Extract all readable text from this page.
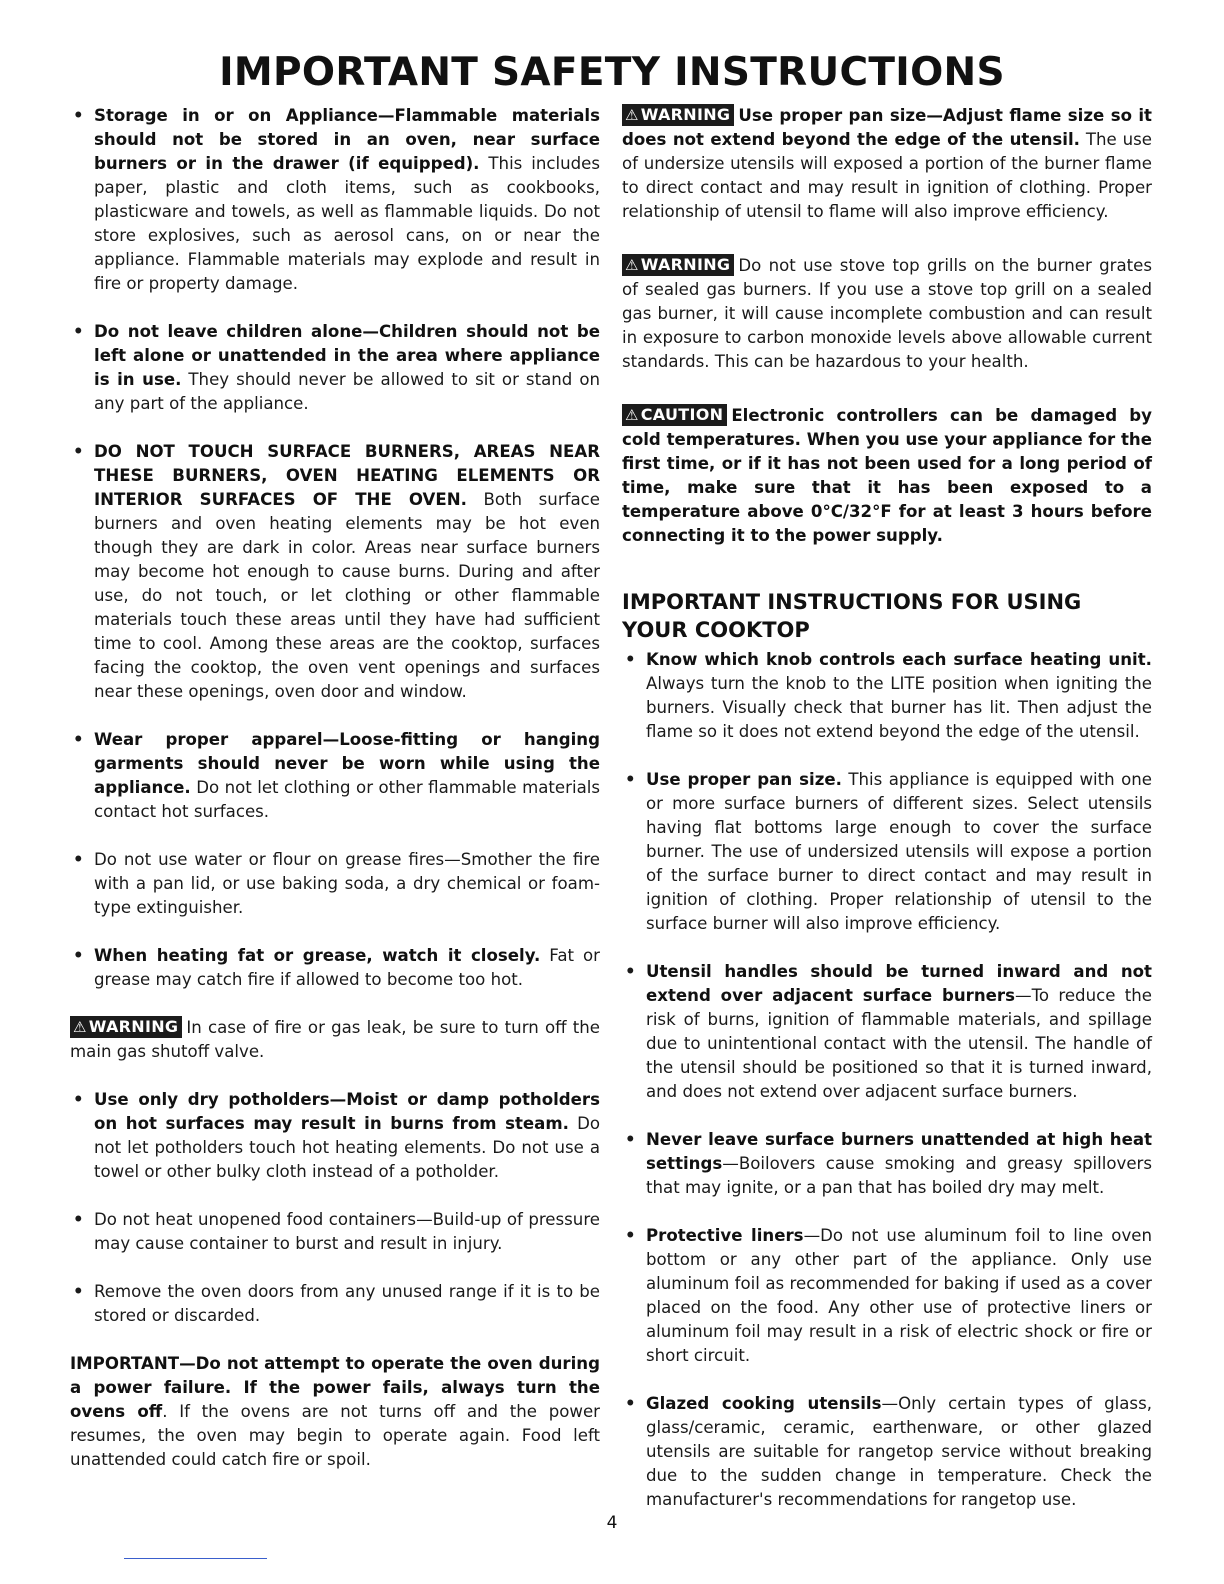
IMPORTANT SAFETY INSTRUCTIONS
• Storage in or on Appliance—Flammable materials should not be stored in an oven, near surface burners or in the drawer (if equipped). This includes paper, plastic and cloth items, such as cookbooks, plasticware and towels, as well as flammable liquids. Do not store explosives, such as aerosol cans, on or near the appliance. Flammable materials may explode and result in fire or property damage.
• Do not leave children alone—Children should not be left alone or unattended in the area where appliance is in use. They should never be allowed to sit or stand on any part of the appliance.
• DO NOT TOUCH SURFACE BURNERS, AREAS NEAR THESE BURNERS, OVEN HEATING ELEMENTS OR INTERIOR SURFACES OF THE OVEN. Both surface burners and oven heating elements may be hot even though they are dark in color. Areas near surface burners may become hot enough to cause burns. During and after use, do not touch, or let clothing or other flammable materials touch these areas until they have had sufficient time to cool. Among these areas are the cooktop, surfaces facing the cooktop, the oven vent openings and surfaces near these openings, oven door and window.
• Wear proper apparel—Loose-fitting or hanging garments should never be worn while using the appliance. Do not let clothing or other flammable materials contact hot surfaces.
• Do not use water or flour on grease fires—Smother the fire with a pan lid, or use baking soda, a dry chemical or foam-type extinguisher.
• When heating fat or grease, watch it closely. Fat or grease may catch fire if allowed to become too hot.
⚠ WARNING In case of fire or gas leak, be sure to turn off the main gas shutoff valve.
• Use only dry potholders—Moist or damp potholders on hot surfaces may result in burns from steam. Do not let potholders touch hot heating elements. Do not use a towel or other bulky cloth instead of a potholder.
• Do not heat unopened food containers—Build-up of pressure may cause container to burst and result in injury.
• Remove the oven doors from any unused range if it is to be stored or discarded.
IMPORTANT—Do not attempt to operate the oven during a power failure. If the power fails, always turn the ovens off. If the ovens are not turns off and the power resumes, the oven may begin to operate again. Food left unattended could catch fire or spoil.
⚠ WARNING Use proper pan size—Adjust flame size so it does not extend beyond the edge of the utensil. The use of undersize utensils will exposed a portion of the burner flame to direct contact and may result in ignition of clothing. Proper relationship of utensil to flame will also improve efficiency.
⚠ WARNING Do not use stove top grills on the burner grates of sealed gas burners. If you use a stove top grill on a sealed gas burner, it will cause incomplete combustion and can result in exposure to carbon monoxide levels above allowable current standards. This can be hazardous to your health.
⚠ CAUTION Electronic controllers can be damaged by cold temperatures. When you use your appliance for the first time, or if it has not been used for a long period of time, make sure that it has been exposed to a temperature above 0°C/32°F for at least 3 hours before connecting it to the power supply.
IMPORTANT INSTRUCTIONS FOR USING YOUR COOKTOP
• Know which knob controls each surface heating unit. Always turn the knob to the LITE position when igniting the burners. Visually check that burner has lit. Then adjust the flame so it does not extend beyond the edge of the utensil.
• Use proper pan size. This appliance is equipped with one or more surface burners of different sizes. Select utensils having flat bottoms large enough to cover the surface burner. The use of undersized utensils will expose a portion of the surface burner to direct contact and may result in ignition of clothing. Proper relationship of utensil to the surface burner will also improve efficiency.
• Utensil handles should be turned inward and not extend over adjacent surface burners—To reduce the risk of burns, ignition of flammable materials, and spillage due to unintentional contact with the utensil. The handle of the utensil should be positioned so that it is turned inward, and does not extend over adjacent surface burners.
• Never leave surface burners unattended at high heat settings—Boilovers cause smoking and greasy spillovers that may ignite, or a pan that has boiled dry may melt.
• Protective liners—Do not use aluminum foil to line oven bottom or any other part of the appliance. Only use aluminum foil as recommended for baking if used as a cover placed on the food. Any other use of protective liners or aluminum foil may result in a risk of electric shock or fire or short circuit.
• Glazed cooking utensils—Only certain types of glass, glass/ceramic, ceramic, earthenware, or other glazed utensils are suitable for rangetop service without breaking due to the sudden change in temperature. Check the manufacturer's recommendations for rangetop use.
4
